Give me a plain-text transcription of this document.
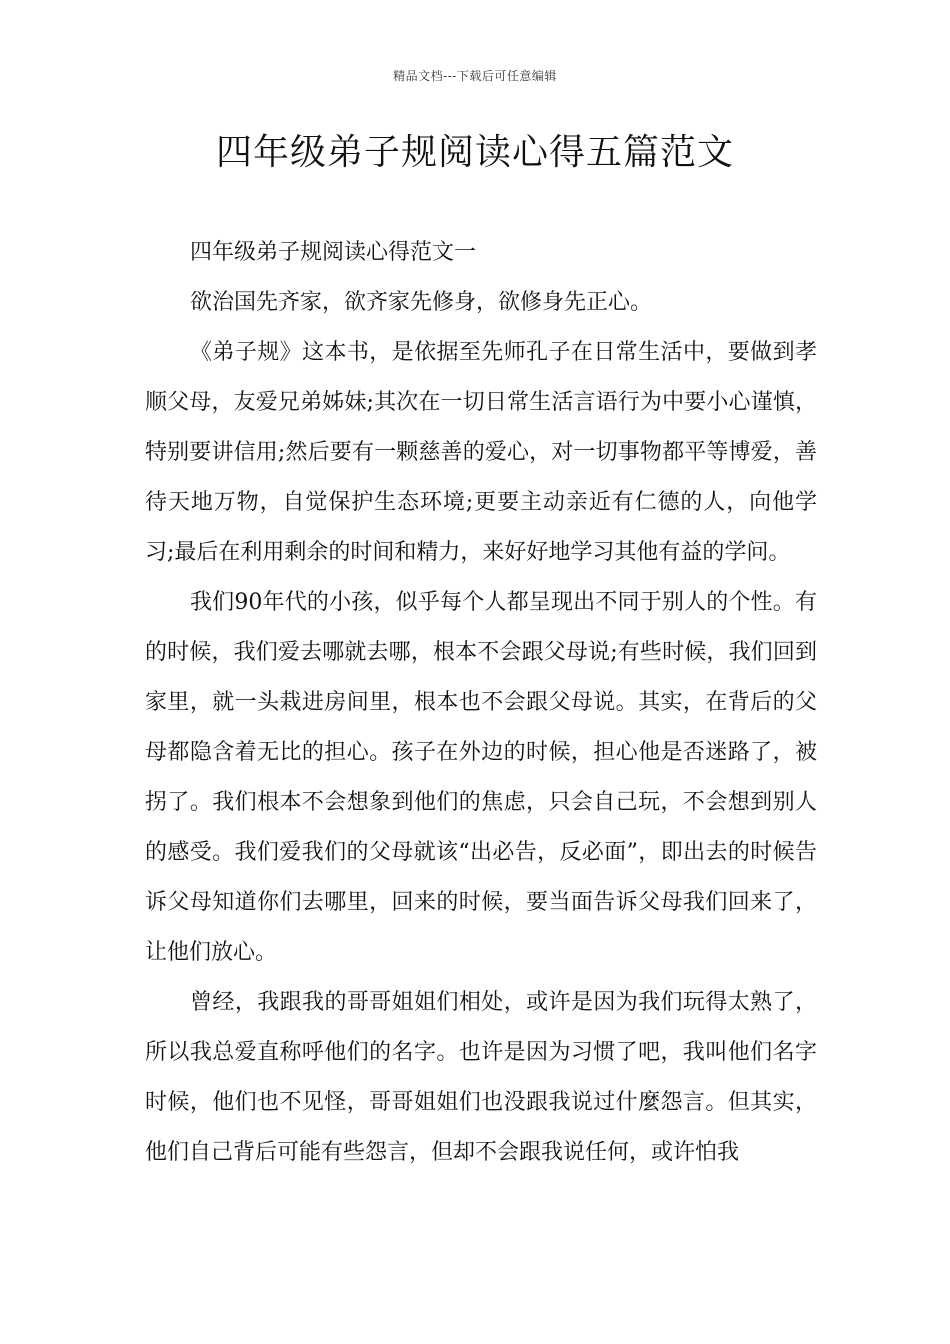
精品文档---下载后可任意编辑
四年级弟子规阅读心得五篇范文

四年级弟子规阅读心得范文一

欲治国先齐家，欲齐家先修身，欲修身先正心。

《弟子规》这本书，是依据至先师孔子在日常生活中，要做到孝顺父母，友爱兄弟姊妹;其次在一切日常生活言语行为中要小心谨慎，特别要讲信用;然后要有一颗慈善的爱心，对一切事物都平等博爱，善待天地万物，自觉保护生态环境;更要主动亲近有仁德的人，向他学习;最后在利用剩余的时间和精力，来好好地学习其他有益的学问。

我们90年代的小孩，似乎每个人都呈现出不同于别人的个性。有的时候，我们爱去哪就去哪，根本不会跟父母说;有些时候，我们回到家里，就一头栽进房间里，根本也不会跟父母说。其实，在背后的父母都隐含着无比的担心。孩子在外边的时候，担心他是否迷路了，被拐了。我们根本不会想象到他们的焦虑，只会自己玩，不会想到别人的感受。我们爱我们的父母就该“出必告，反必面”，即出去的时候告诉父母知道你们去哪里，回来的时候，要当面告诉父母我们回来了，让他们放心。

曾经，我跟我的哥哥姐姐们相处，或许是因为我们玩得太熟了，所以我总爱直称呼他们的名字。也许是因为习惯了吧，我叫他们名字时候，他们也不见怪，哥哥姐姐们也没跟我说过什麼怨言。但其实，他们自己背后可能有些怨言，但却不会跟我说任何，或许怕我
